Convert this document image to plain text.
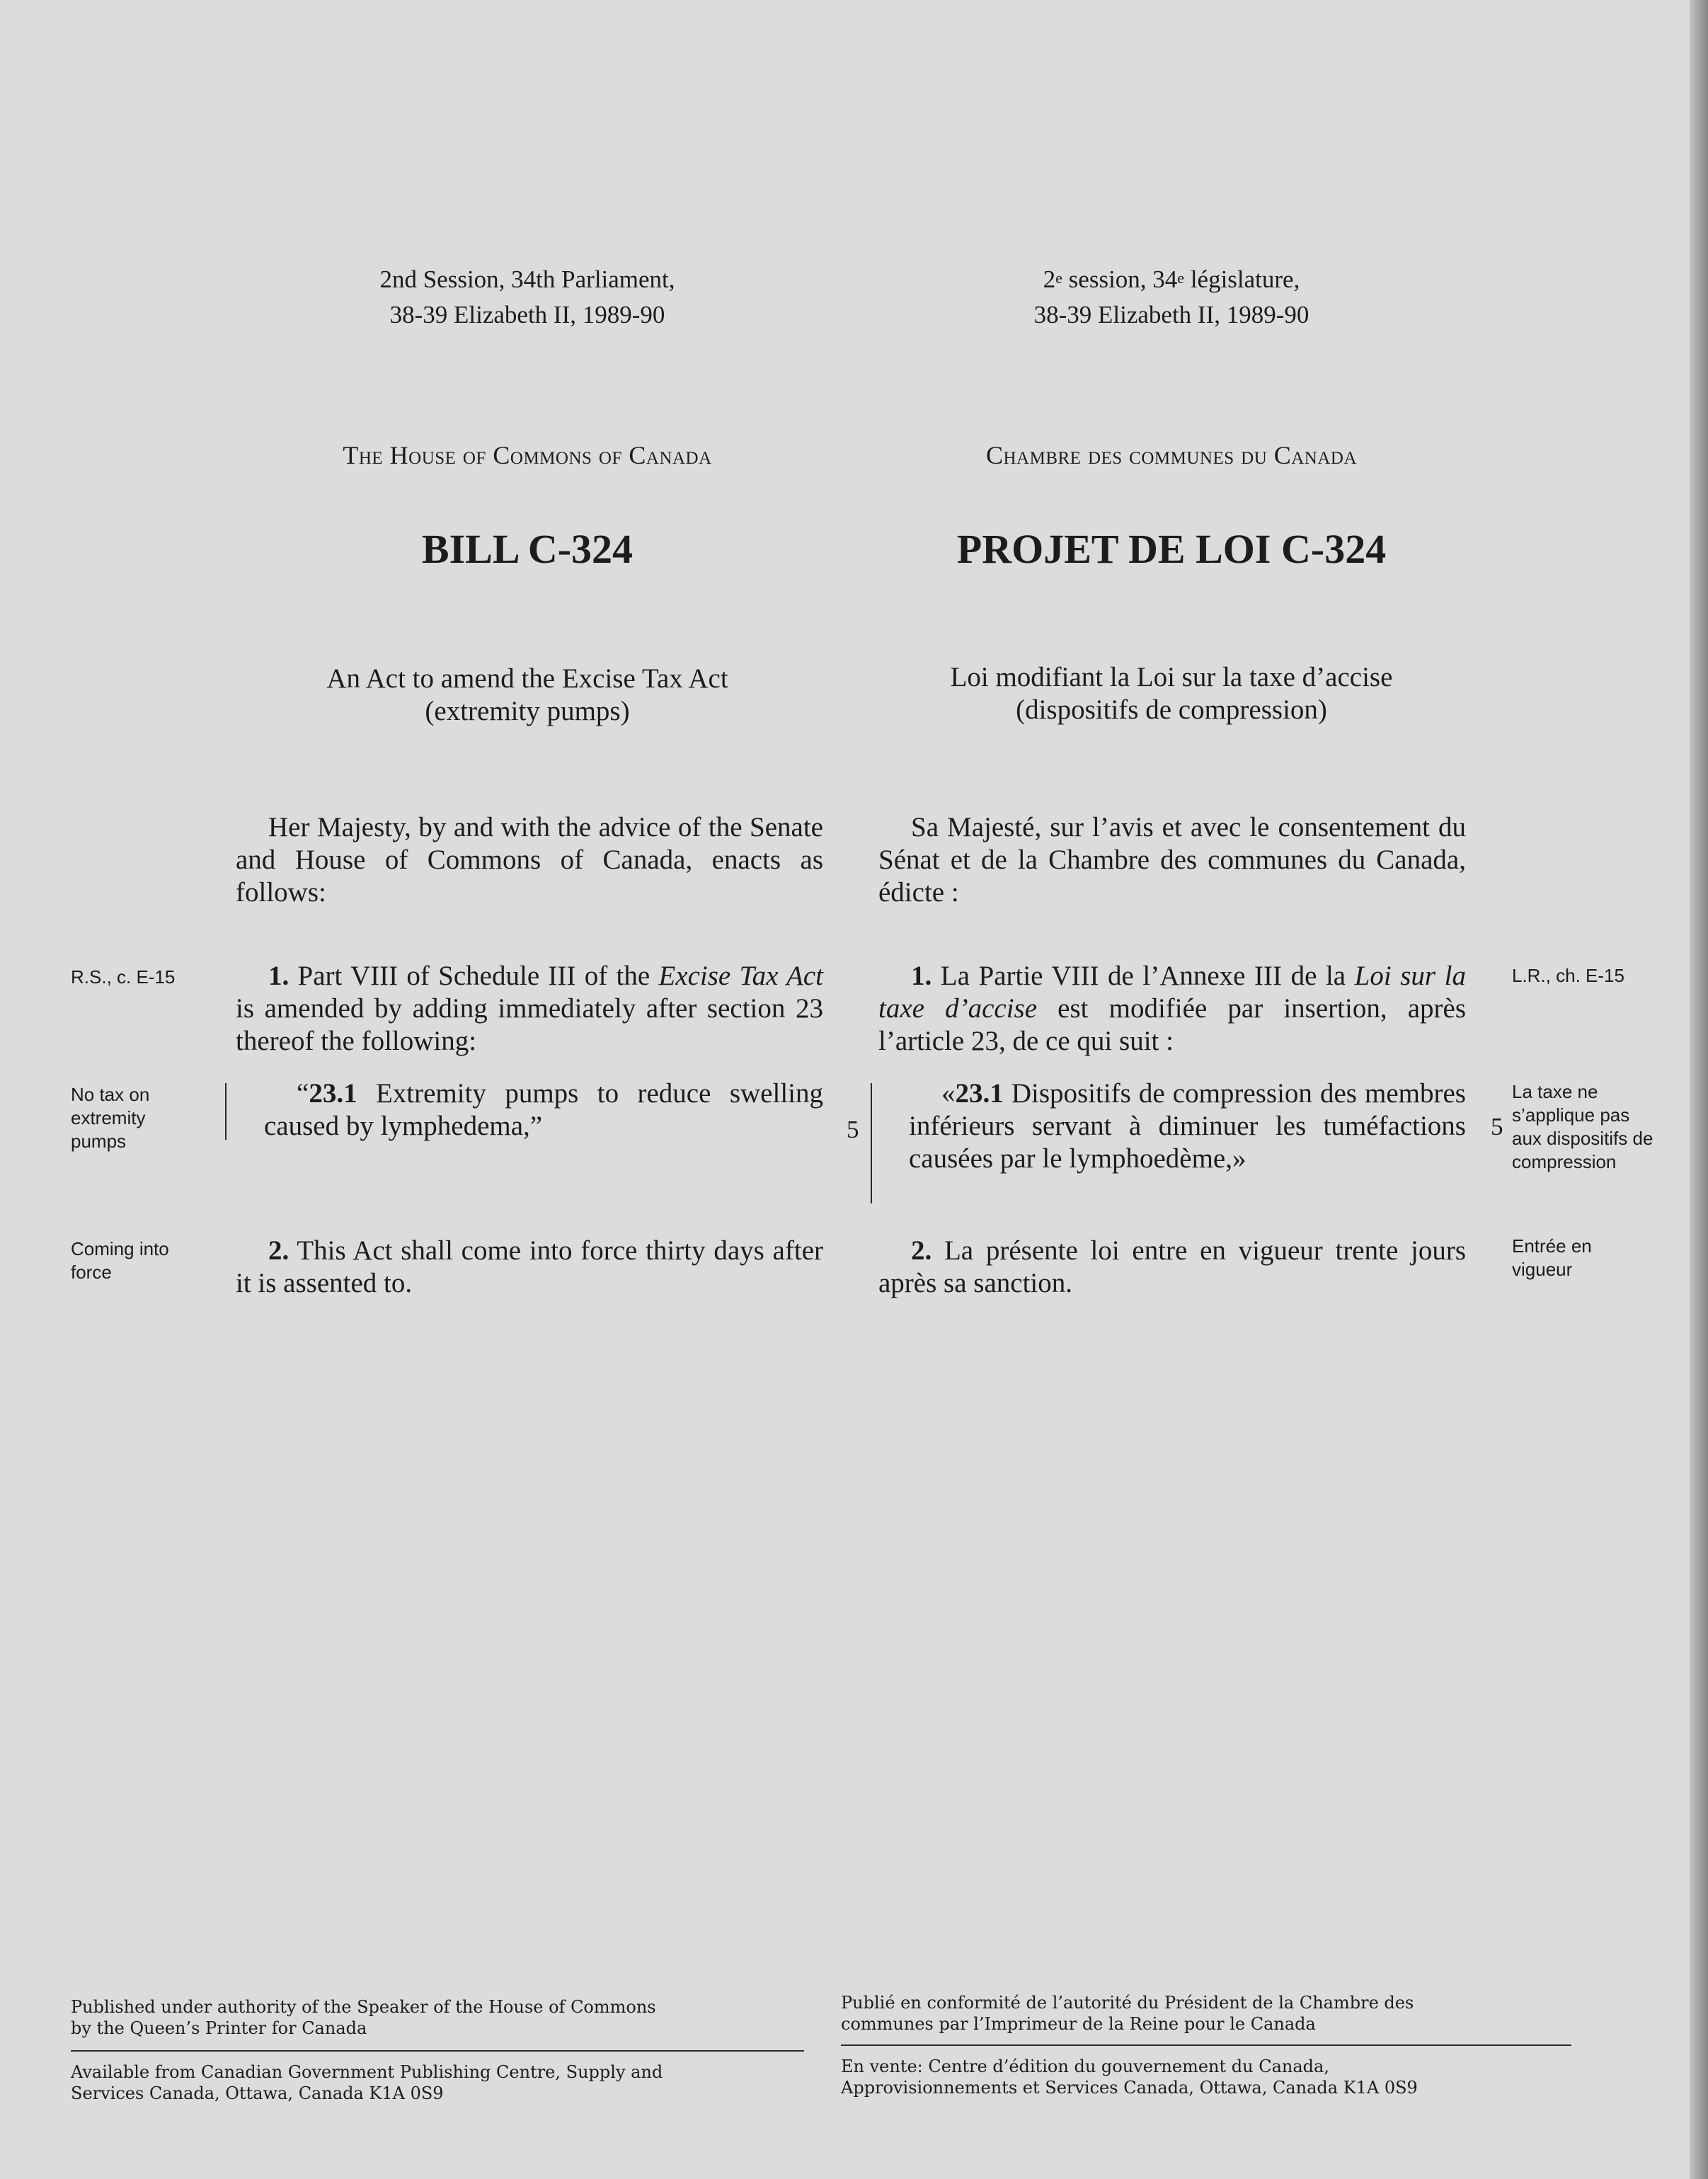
2nd Session, 34th Parliament,
38-39 Elizabeth II, 1989-90
The House of Commons of Canada
BILL C-324
An Act to amend the Excise Tax Act
(extremity pumps)
Her Majesty, by and with the advice of the Senate and House of Commons of Canada, enacts as follows:
R.S., c. E-15	1. Part VIII of Schedule III of the Excise Tax Act is amended by adding immediately after section 23 thereof the following:
No tax on extremity pumps
“23.1 Extremity pumps to reduce swelling caused by lymphedema,”
Coming into force
2. This Act shall come into force thirty days after it is assented to.
5	5
2e session, 34e législature,
38-39 Elizabeth II, 1989-90
Chambre des communes du Canada
PROJET DE LOI C-324
Loi modifiant la Loi sur la taxe d’accise
(dispositifs de compression)
Sa Majesté, sur l’avis et avec le consentement du Sénat et de la Chambre des communes du Canada, édicte :
1. La Partie VIII de l’Annexe III de la Loi sur la taxe d’accise est modifiée par insertion, après l’article 23, de ce qui suit :
L.R., ch. E-15
«23.1 Dispositifs de compression des membres inférieurs servant à diminuer les tuméfactions causées par le lymphoedème,»
La taxe ne s’applique pas aux dispositifs de compression
2. La présente loi entre en vigueur trente jours après sa sanction.
Entrée en vigueur
Published under authority of the Speaker of the House of Commons
by the Queen’s Printer for Canada
Available from Canadian Government Publishing Centre, Supply and
Services Canada, Ottawa, Canada K1A 0S9
Publié en conformité de l’autorité du Président de la Chambre des
communes par l’Imprimeur de la Reine pour le Canada
En vente: Centre d’édition du gouvernement du Canada,
Approvisionnements et Services Canada, Ottawa, Canada K1A 0S9
